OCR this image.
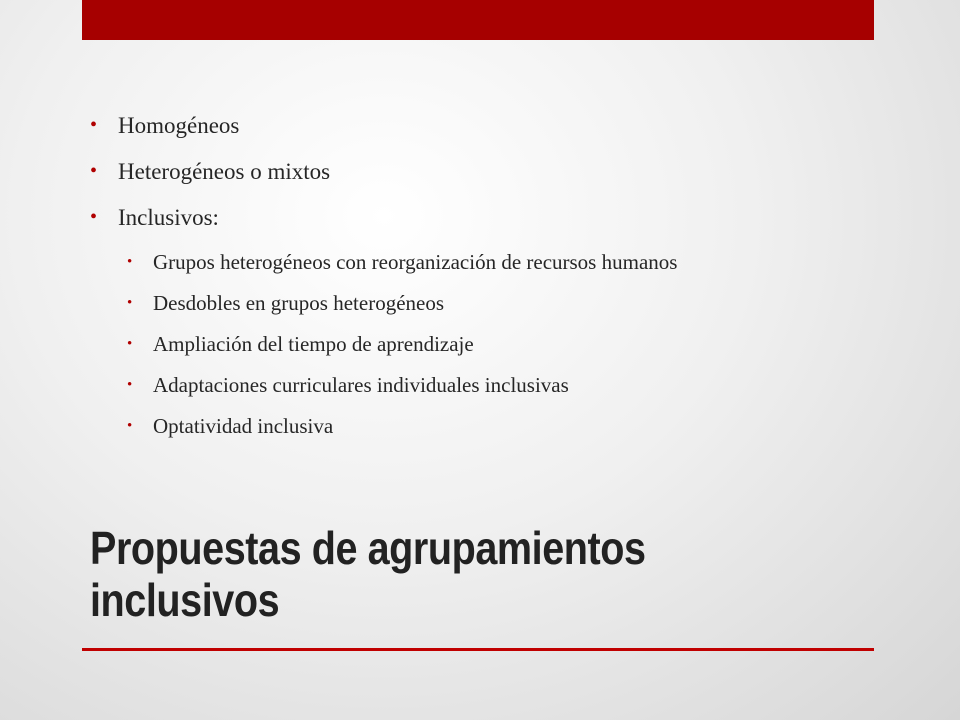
• Homogéneos
• Heterogéneos o mixtos
• Inclusivos:
• Grupos heterogéneos con reorganización de recursos humanos
• Desdobles en grupos heterogéneos
• Ampliación del tiempo de aprendizaje
• Adaptaciones curriculares individuales inclusivas
• Optatividad inclusiva
Propuestas de agrupamientos
inclusivos
